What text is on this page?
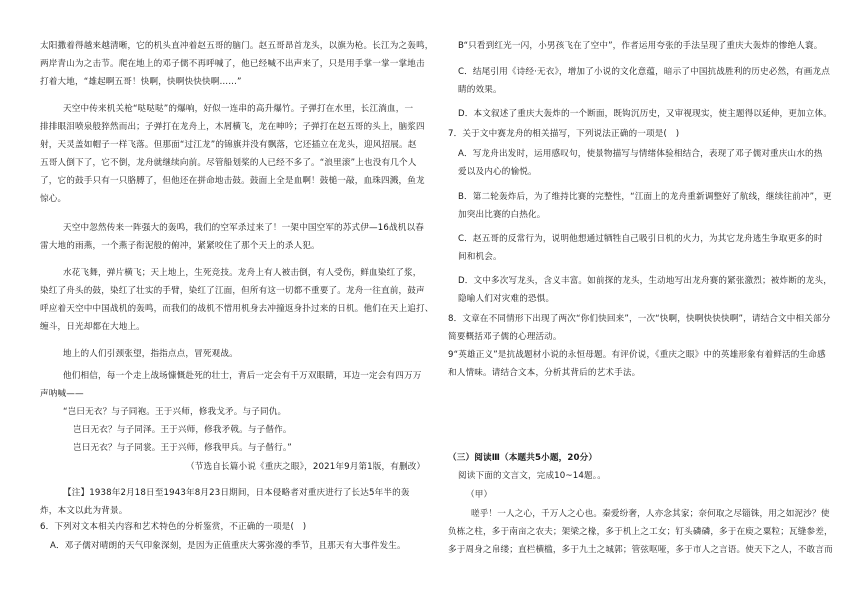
太阳撒着得越来越清晰，它的机头直冲着赵五哥的脑门。赵五哥昂首龙头，以旗为枪。长江为之轰鸣，
两岸青山为之击节。爬在地上的邓子儒不再呼喊了，他已经喊不出声来了，只是用手掌一掌一掌地击
打着大地，“雄起啊五哥！快啊，快啊快快快啊……”
天空中传来机关枪“哒哒哒”的爆响，好似一连串的高升爆竹。子弹打在水里，长江淌血，一
排排眼泪喷泉般猝然而出；子弹打在龙舟上，木屑横飞，龙在呻吟；子弹打在赵五哥的头上，脑浆四
射，天灵盖如帽子一样飞落。但那面“过江龙”的锦旗并没有飘落，它还插立在龙头，迎风招展。赵
五哥人倒下了，它不倒，龙舟就继续向前。尽管船划桨的人已经不多了。“浪里滚”上也没有几个人
了，它的鼓手只有一只胳膊了，但他还在拼命地击鼓。鼓面上全是血啊！鼓槌一敲，血珠四溅，鱼龙
惊心。
天空中忽然传来一阵强大的轰鸣，我们的空军杀过来了！一架中国空军的苏式伊—16战机以春
雷大地的雨燕，一个燕子衔泥般的俯冲，紧紧咬住了那个天上的杀人犯。
水花飞舞，弹片横飞；天上地上，生死竞技。龙舟上有人被击倒，有人受伤，鲜血染红了浆，
染红了舟头的鼓，染红了壮实的手臂，染红了江面，但所有这一切都不重要了。龙舟一往直前，鼓声
呼应着天空中中国战机的轰鸣，而我们的战机不惜用机身去冲撞返身扑过来的日机。他们在天上追打、
缠斗，日光却都在大地上。
地上的人们引颈张望，指指点点，冒死观战。
他们相信，每一个走上战场慷慨赴死的壮士，背后一定会有千万双眼睛，耳边一定会有四万万
声呐喊——
“岂曰无衣？与子同袍。王于兴师，修我戈矛。与子同仇。
岂曰无衣？与子同泽。王于兴师，修我矛戟。与子偕作。
岂曰无衣？与子同裳。王于兴师，修我甲兵。与子偕行。”
（节选自长篇小说《重庆之眼》，2021年9月第1版，有删改）
【注】1938年2月18日至1943年8月23日期间，日本侵略者对重庆进行了长达5年半的轰
炸，本文以此为背景。
6．下列对文本相关内容和艺术特色的分析鉴赏，不正确的一项是(　)
A．邓子儒对晴朗的天气印象深刻，是因为正值重庆大雾弥漫的季节，且那天有大事件发生。
B“只看到红光一闪，小男孩飞在了空中”，作者运用夸张的手法呈现了重庆大轰炸的惨绝人寰。
C．结尾引用《诗经·无衣》，增加了小说的文化意蕴，暗示了中国抗战胜利的历史必然，有画龙点
睛的效果。
D．本文叙述了重庆大轰炸的一个断面，既钩沉历史，又审视现实，使主题得以延伸，更加立体。
7．关于文中赛龙舟的相关描写，下列说法正确的一项是(　)
A．写龙舟出发时，运用感叹句，使景物描写与情绪体验相结合，表现了邓子儒对重庆山水的热
爱以及内心的愉悦。
B．第二轮轰炸后，为了维持比赛的完整性，“江面上的龙舟重新调整好了航线，继续往前冲”，更
加突出比赛的白热化。
C．赵五哥的反常行为，说明他想通过牺牲自己吸引日机的火力，为其它龙舟逃生争取更多的时
间和机会。
D．文中多次写龙头，含义丰富。如前探的龙头，生动地写出龙舟赛的紧张激烈；被炸断的龙头，
隐喻人们对灾难的恐惧。
8．文章在不同情形下出现了两次“你们快回来”，一次“快啊，快啊快快快啊”，请结合文中相关部分
简要概括邓子儒的心理活动。
9“英雄正义”是抗战题材小说的永恒母题。有评价说，《重庆之眼》中的英雄形象有着鲜活的生命感
和人情味。请结合文本，分析其背后的艺术手法。
（三）阅读Ⅲ（本题共5小题，20分）
阅读下面的文言文，完成10~14题。。
（甲）
嗟乎！一人之心，千万人之心也。秦爱纷奢，人亦念其家；奈何取之尽锱铢，用之如泥沙？使
负栋之柱，多于南亩之农夫；架梁之椽，多于机上之工女；钉头磷磷，多于在庾之粟粒；瓦缝参差，
多于周身之帛缕；直栏横槛，多于九土之城郭；管弦呕哑，多于市人之言语。使天下之人，不敢言而
